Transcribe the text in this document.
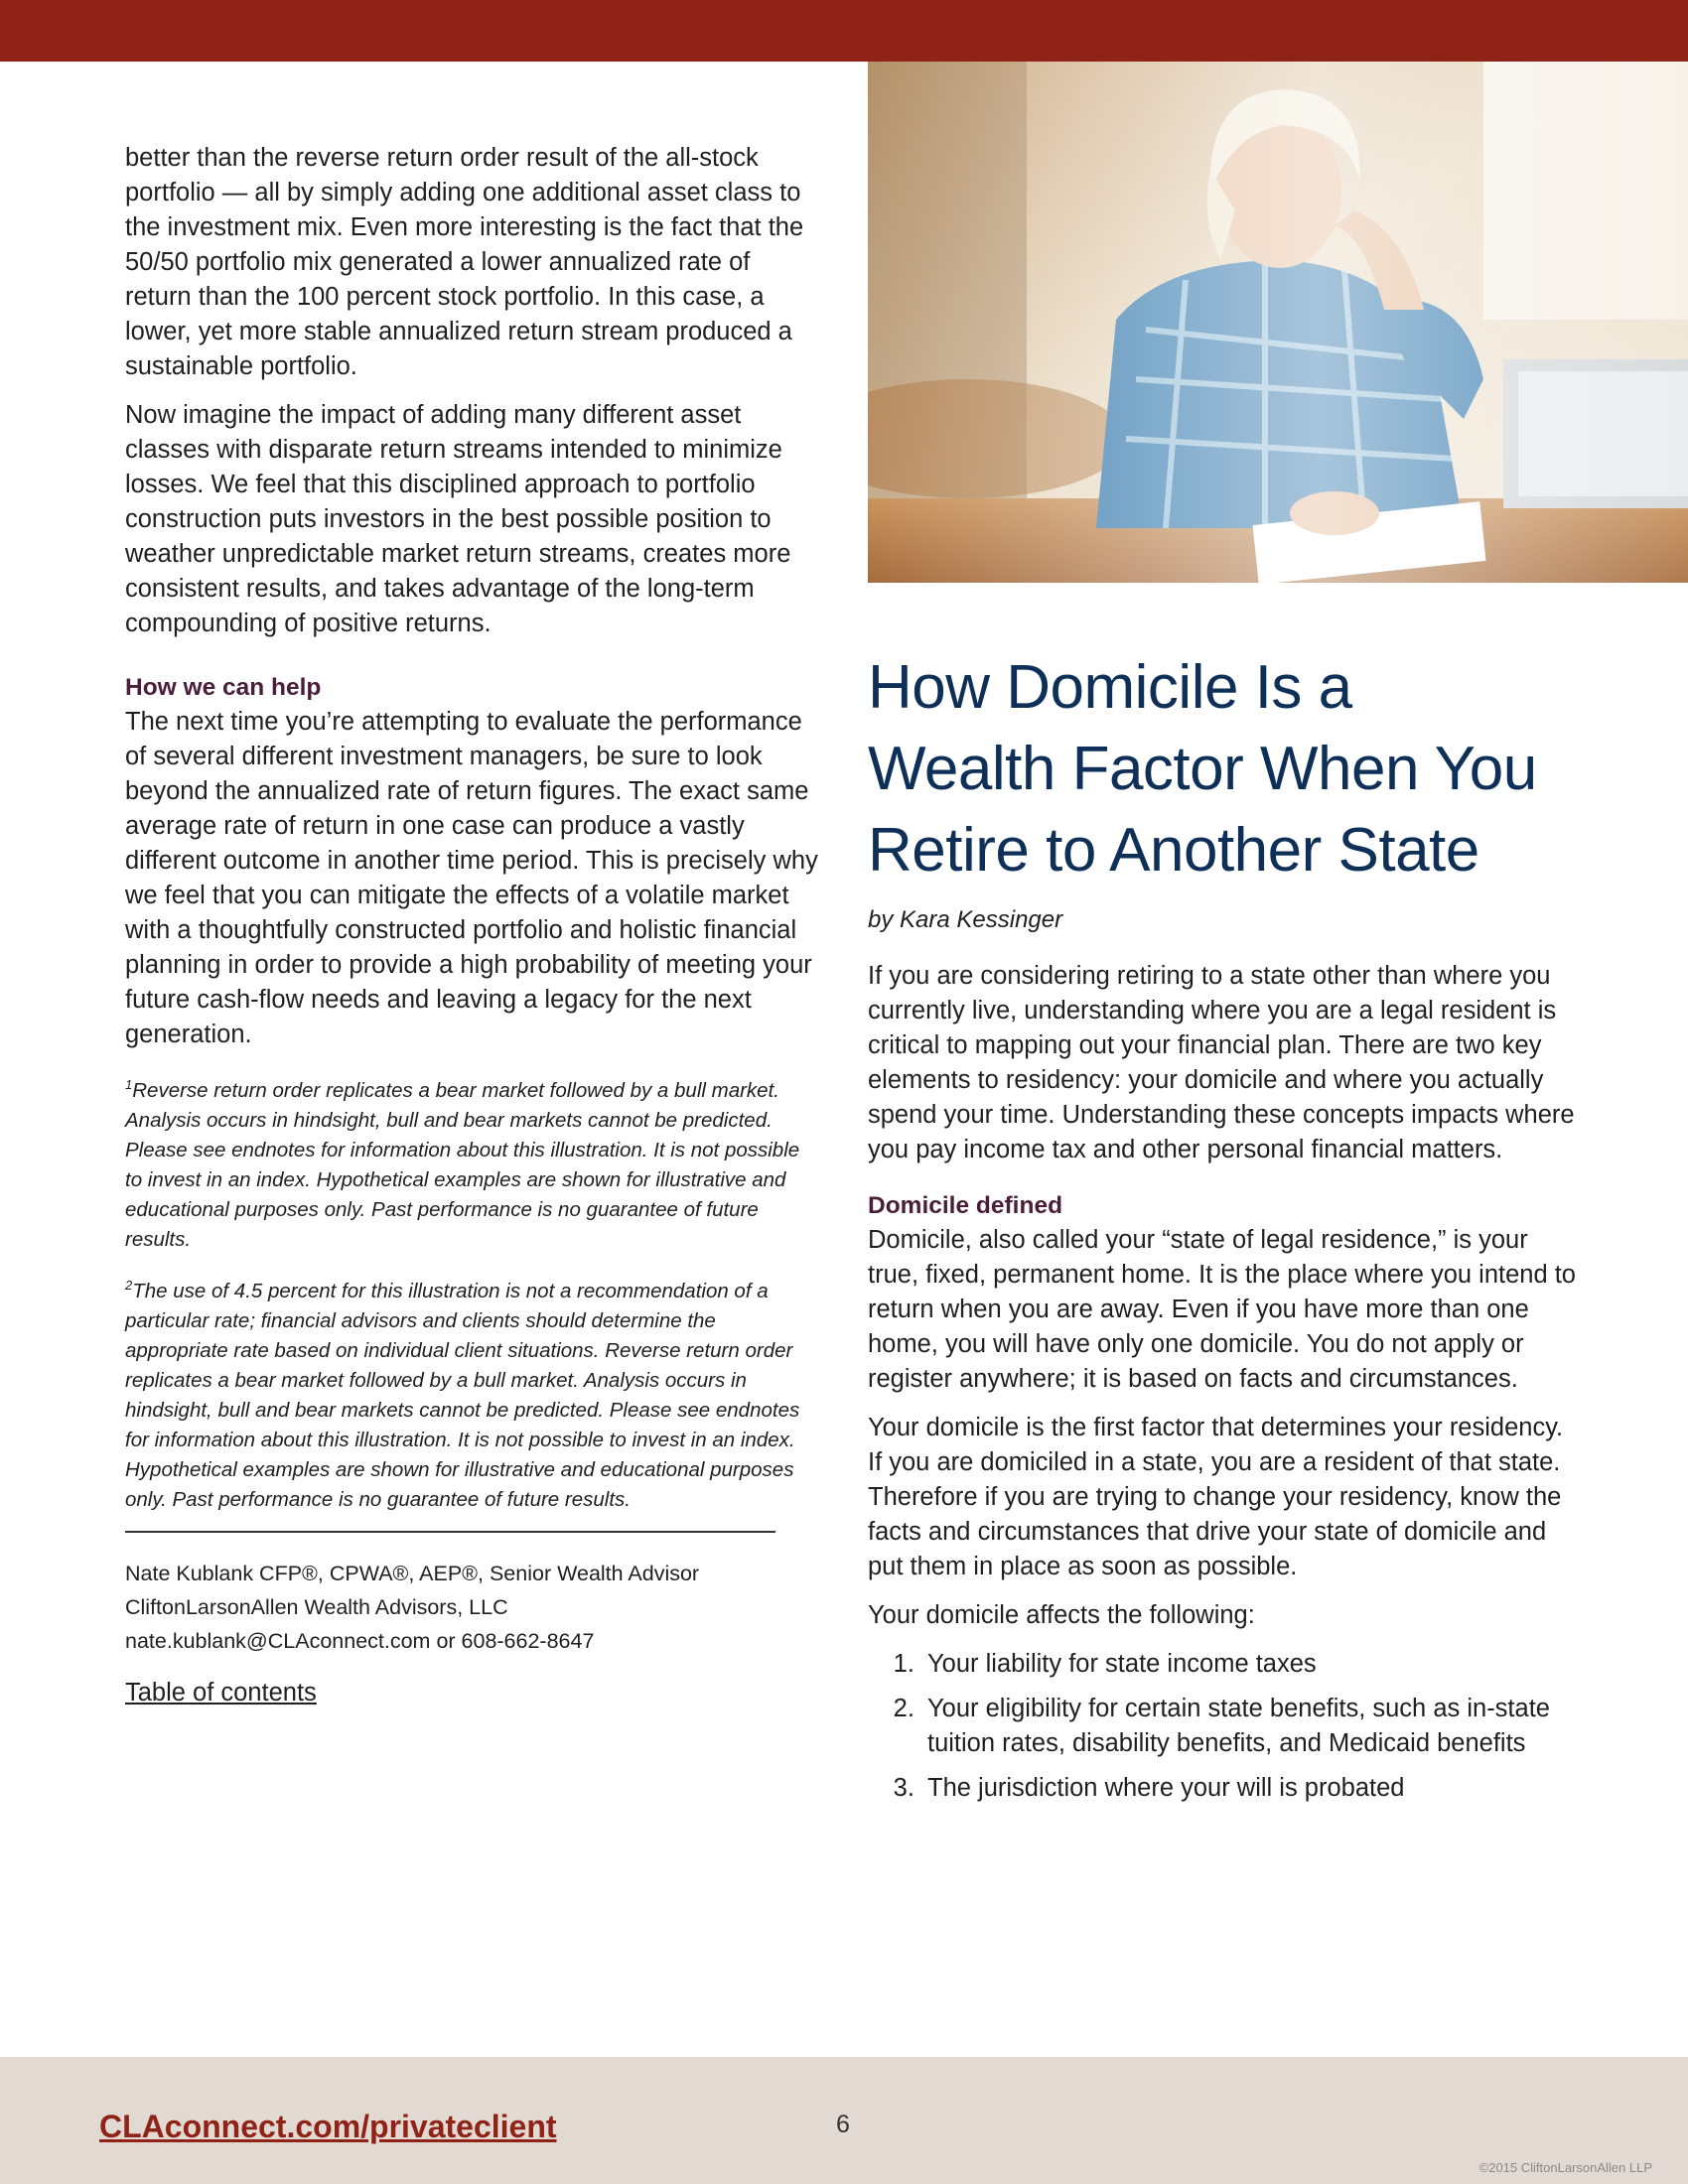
better than the reverse return order result of the all-stock portfolio — all by simply adding one additional asset class to the investment mix. Even more interesting is the fact that the 50/50 portfolio mix generated a lower annualized rate of return than the 100 percent stock portfolio. In this case, a lower, yet more stable annualized return stream produced a sustainable portfolio.

Now imagine the impact of adding many different asset classes with disparate return streams intended to minimize losses. We feel that this disciplined approach to portfolio construction puts investors in the best possible position to weather unpredictable market return streams, creates more consistent results, and takes advantage of the long-term compounding of positive returns.

How we can help

The next time you’re attempting to evaluate the performance of several different investment managers, be sure to look beyond the annualized rate of return figures. The exact same average rate of return in one case can produce a vastly different outcome in another time period. This is precisely why we feel that you can mitigate the effects of a volatile market with a thoughtfully constructed portfolio and holistic financial planning in order to provide a high probability of meeting your future cash-flow needs and leaving a legacy for the next generation.

$^1$Reverse return order replicates a bear market followed by a bull market. Analysis occurs in hindsight, bull and bear markets cannot be predicted. Please see endnotes for information about this illustration. It is not possible to invest in an index. Hypothetical examples are shown for illustrative and educational purposes only. Past performance is no guarantee of future results.

$^2$The use of 4.5 percent for this illustration is not a recommendation of a particular rate; financial advisors and clients should determine the appropriate rate based on individual client situations. Reverse return order replicates a bear market followed by a bull market. Analysis occurs in hindsight, bull and bear markets cannot be predicted. Please see endnotes for information about this illustration. It is not possible to invest in an index. Hypothetical examples are shown for illustrative and educational purposes only. Past performance is no guarantee of future results.

Nate Kublank CFP®, CPWA®, AEP®, Senior Wealth Advisor
CliftonLarsonAllen Wealth Advisors, LLC
nate.kublank@CLAconnect.com or 608-662-8647
Table of contents
How Domicile Is a
Wealth Factor When You
Retire to Another State

by Kara Kessinger

If you are considering retiring to a state other than where you currently live, understanding where you are a legal resident is critical to mapping out your financial plan. There are two key elements to residency: your domicile and where you actually spend your time. Understanding these concepts impacts where you pay income tax and other personal financial matters.

Domicile defined

Domicile, also called your “state of legal residence,” is your true, fixed, permanent home. It is the place where you intend to return when you are away. Even if you have more than one home, you will have only one domicile. You do not apply or register anywhere; it is based on facts and circumstances.

Your domicile is the first factor that determines your residency. If you are domiciled in a state, you are a resident of that state. Therefore if you are trying to change your residency, know the facts and circumstances that drive your state of domicile and put them in place as soon as possible.

Your domicile affects the following:

1. Your liability for state income taxes
2. Your eligibility for certain state benefits, such as in-state tuition rates, disability benefits, and Medicaid benefits
3. The jurisdiction where your will is probated
CLAconnect.com/privateclient	6
©2015 CliftonLarsonAllen LLP
